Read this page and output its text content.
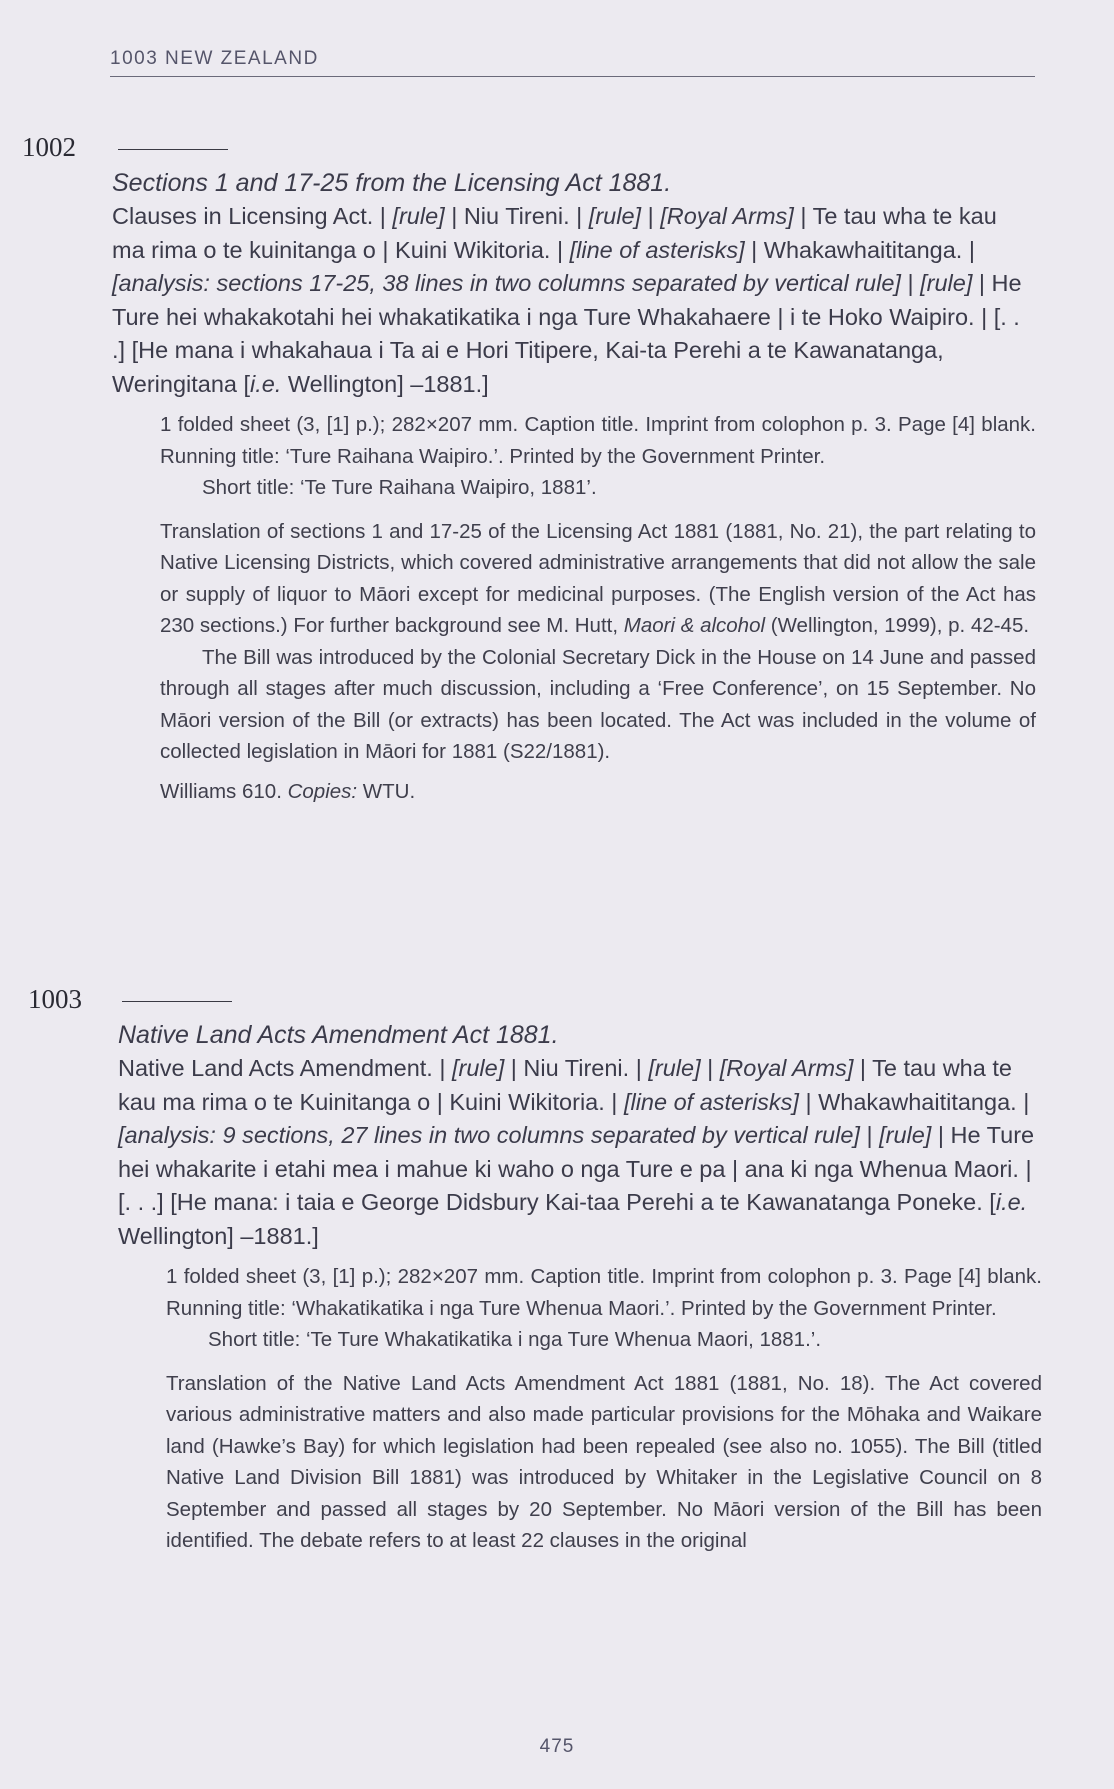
1003 NEW ZEALAND
1002
Sections 1 and 17-25 from the Licensing Act 1881.
Clauses in Licensing Act. | [rule] | Niu Tireni. | [rule] | [Royal Arms] | Te tau wha te kau ma rima o te kuinitanga o | Kuini Wikitoria. | [line of asterisks] | Whakawhaititanga. | [analysis: sections 17-25, 38 lines in two columns separated by vertical rule] | [rule] | He Ture hei whakakotahi hei whakatikatika i nga Ture Whakahaere | i te Hoko Waipiro. | [. . .] [He mana i whakahaua i Ta ai e Hori Titipere, Kai-ta Perehi a te Kawanatanga, Weringitana [i.e. Wellington] –1881.]

1 folded sheet (3, [1] p.); 282×207 mm. Caption title. Imprint from colophon p. 3. Page [4] blank. Running title: ‘Ture Raihana Waipiro.’. Printed by the Government Printer.

Short title: ‘Te Ture Raihana Waipiro, 1881’.

Translation of sections 1 and 17-25 of the Licensing Act 1881 (1881, No. 21), the part relating to Native Licensing Districts, which covered administrative arrangements that did not allow the sale or supply of liquor to Māori except for medicinal purposes. (The English version of the Act has 230 sections.) For further background see M. Hutt, Maori & alcohol (Wellington, 1999), p. 42-45.

The Bill was introduced by the Colonial Secretary Dick in the House on 14 June and passed through all stages after much discussion, including a ‘Free Conference’, on 15 September. No Māori version of the Bill (or extracts) has been located. The Act was included in the volume of collected legislation in Māori for 1881 (S22/1881).

Williams 610. Copies: WTU.

1003
Native Land Acts Amendment Act 1881.
Native Land Acts Amendment. | [rule] | Niu Tireni. | [rule] | [Royal Arms] | Te tau wha te kau ma rima o te Kuinitanga o | Kuini Wikitoria. | [line of asterisks] | Whakawhaititanga. | [analysis: 9 sections, 27 lines in two columns separated by vertical rule] | [rule] | He Ture hei whakarite i etahi mea i mahue ki waho o nga Ture e pa | ana ki nga Whenua Maori. | [. . .] [He mana: i taia e George Didsbury Kai-taa Perehi a te Kawanatanga Poneke. [i.e. Wellington] –1881.]

1 folded sheet (3, [1] p.); 282×207 mm. Caption title. Imprint from colophon p. 3. Page [4] blank. Running title: ‘Whakatikatika i nga Ture Whenua Maori.’. Printed by the Government Printer.

Short title: ‘Te Ture Whakatikatika i nga Ture Whenua Maori, 1881.’.

Translation of the Native Land Acts Amendment Act 1881 (1881, No. 18). The Act covered various administrative matters and also made particular provisions for the Mōhaka and Waikare land (Hawke’s Bay) for which legislation had been repealed (see also no. 1055). The Bill (titled Native Land Division Bill 1881) was introduced by Whitaker in the Legislative Council on 8 September and passed all stages by 20 September. No Māori version of the Bill has been identified. The debate refers to at least 22 clauses in the original

475
